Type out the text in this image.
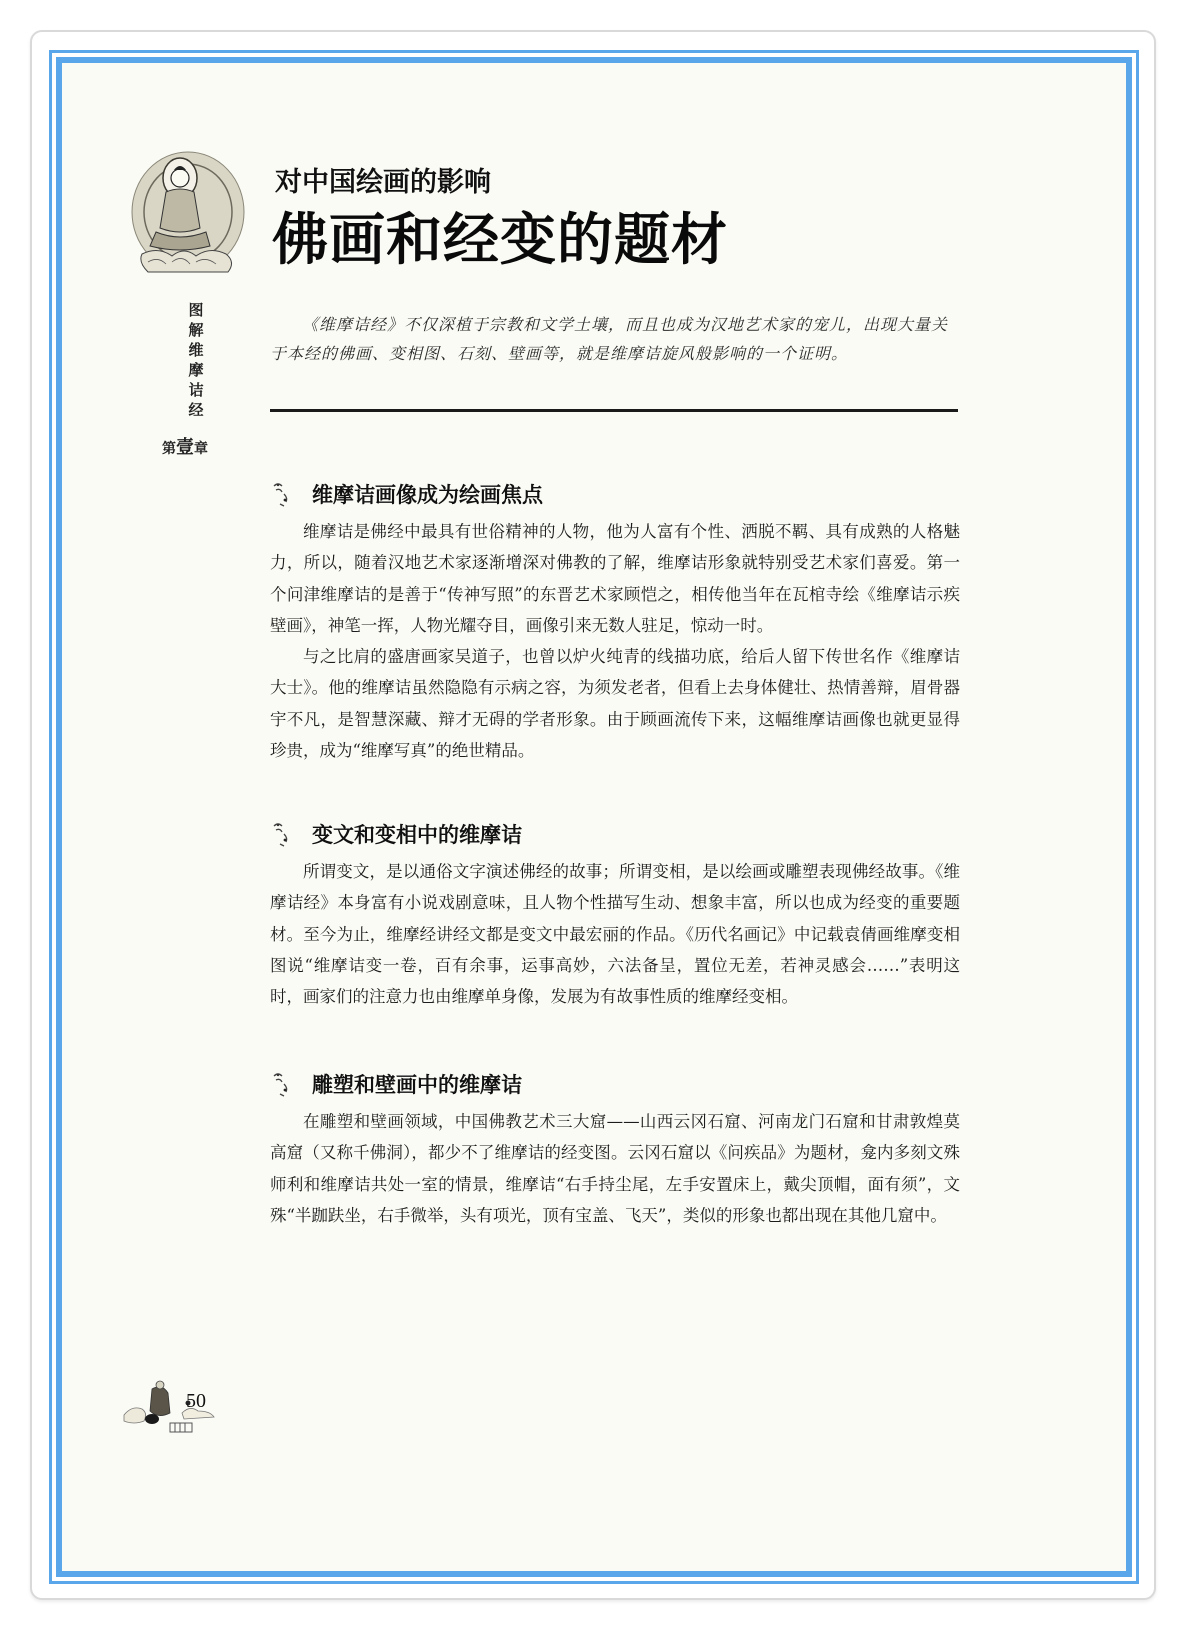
图
解
维
摩
诘
经
第壹章
对中国绘画的影响
佛画和经变的题材
《维摩诘经》不仅深植于宗教和文学土壤，而且也成为汉地艺术家的宠儿，出现大量关于本经的佛画、变相图、石刻、壁画等，就是维摩诘旋风般影响的一个证明。
维摩诘画像成为绘画焦点

维摩诘是佛经中最具有世俗精神的人物，他为人富有个性、洒脱不羁、具有成熟的人格魅力，所以，随着汉地艺术家逐渐增深对佛教的了解，维摩诘形象就特别受艺术家们喜爱。第一个问津维摩诘的是善于“传神写照”的东晋艺术家顾恺之，相传他当年在瓦棺寺绘《维摩诘示疾壁画》，神笔一挥，人物光耀夺目，画像引来无数人驻足，惊动一时。

与之比肩的盛唐画家吴道子，也曾以炉火纯青的线描功底，给后人留下传世名作《维摩诘大士》。他的维摩诘虽然隐隐有示病之容，为须发老者，但看上去身体健壮、热情善辩，眉骨器宇不凡，是智慧深藏、辩才无碍的学者形象。由于顾画流传下来，这幅维摩诘画像也就更显得珍贵，成为“维摩写真”的绝世精品。

变文和变相中的维摩诘

所谓变文，是以通俗文字演述佛经的故事；所谓变相，是以绘画或雕塑表现佛经故事。《维摩诘经》本身富有小说戏剧意味，且人物个性描写生动、想象丰富，所以也成为经变的重要题材。至今为止，维摩经讲经文都是变文中最宏丽的作品。《历代名画记》中记载袁倩画维摩变相图说“维摩诘变一卷，百有余事，运事高妙，六法备呈，置位无差，若神灵感会……”表明这时，画家们的注意力也由维摩单身像，发展为有故事性质的维摩经变相。

雕塑和壁画中的维摩诘

在雕塑和壁画领域，中国佛教艺术三大窟——山西云冈石窟、河南龙门石窟和甘肃敦煌莫高窟（又称千佛洞），都少不了维摩诘的经变图。云冈石窟以《问疾品》为题材，龛内多刻文殊师利和维摩诘共处一室的情景，维摩诘“右手持尘尾，左手安置床上，戴尖顶帽，面有须”，文殊“半跏趺坐，右手微举，头有项光，顶有宝盖、飞天”，类似的形象也都出现在其他几窟中。

50
